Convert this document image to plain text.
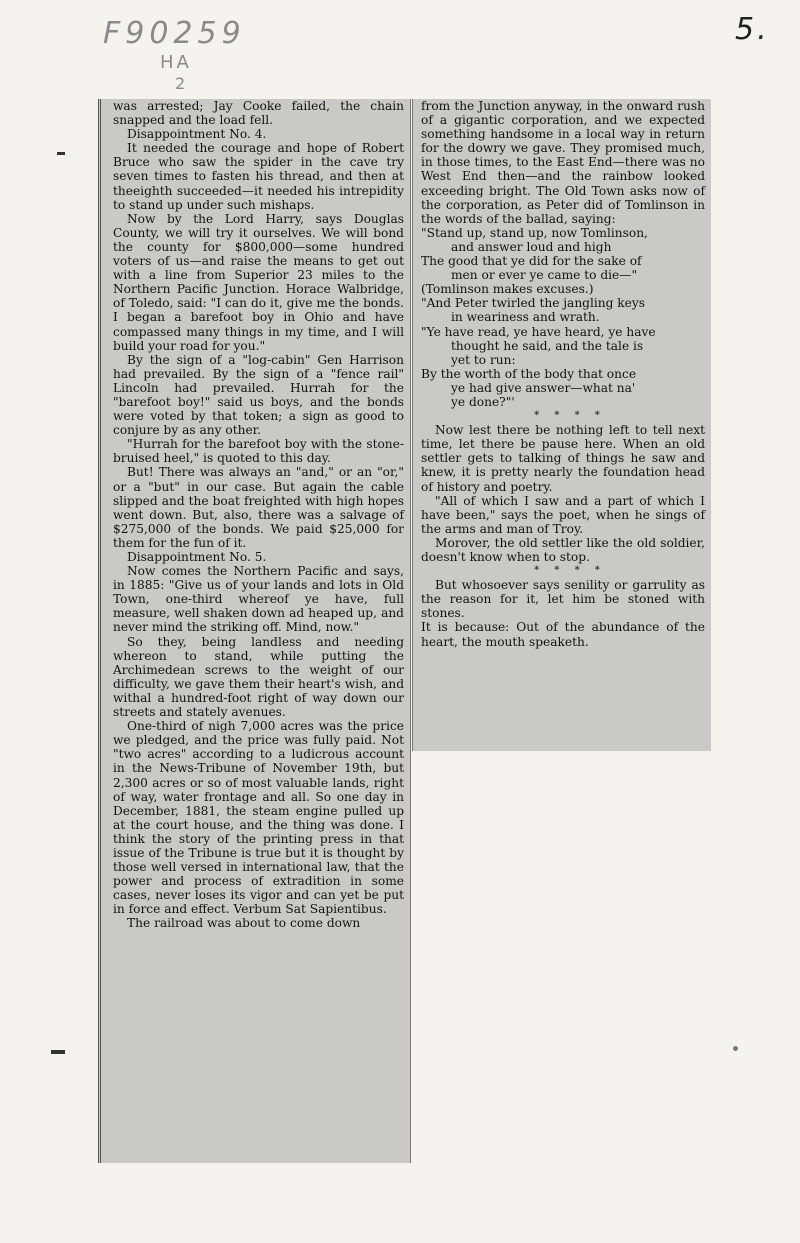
F90259
HA
2
5.

was arrested; Jay Cooke failed, the chain snapped and the load fell.

Disappointment No. 4.

It needed the courage and hope of Robert Bruce who saw the spider in the cave try seven times to fasten his thread, and then at theeighth succeeded—it needed his intrepidity to stand up under such mishaps.

Now by the Lord Harry, says Douglas County, we will try it ourselves. We will bond the county for $800,000—some hundred voters of us—and raise the means to get out with a line from Superior 23 miles to the Northern Pacific Junction. Horace Walbridge, of Toledo, said: "I can do it, give me the bonds. I began a barefoot boy in Ohio and have compassed many things in my time, and I will build your road for you."

By the sign of a "log-cabin" Gen Harrison had prevailed. By the sign of a "fence rail" Lincoln had prevailed. Hurrah for the "barefoot boy!" said us boys, and the bonds were voted by that token; a sign as good to conjure by as any other.

"Hurrah for the barefoot boy with the stone-bruised heel," is quoted to this day.

But! There was always an "and," or an "or," or a "but" in our case. But again the cable slipped and the boat freighted with high hopes went down. But, also, there was a salvage of $275,000 of the bonds. We paid $25,000 for them for the fun of it.

Disappointment No. 5.

Now comes the Northern Pacific and says, in 1885: "Give us of your lands and lots in Old Town, one-third whereof ye have, full measure, well shaken down ad heaped up, and never mind the striking off. Mind, now."

So they, being landless and needing whereon to stand, while putting the Archimedean screws to the weight of our difficulty, we gave them their heart's wish, and withal a hundred-foot right of way down our streets and stately avenues.

One-third of nigh 7,000 acres was the price we pledged, and the price was fully paid. Not "two acres" according to a ludicrous account in the News-Tribune of November 19th, but 2,300 acres or so of most valuable lands, right of way, water frontage and all. So one day in December, 1881, the steam engine pulled up at the court house, and the thing was done. I think the story of the printing press in that issue of the Tribune is true but it is thought by those well versed in international law, that the power and process of extradition in some cases, never loses its vigor and can yet be put in force and effect. Verbum Sat Sapientibus.

The railroad was about to come down

from the Junction anyway, in the onward rush of a gigantic corporation, and we expected something handsome in a local way in return for the dowry we gave. They promised much, in those times, to the East End—there was no West End then—and the rainbow looked exceeding bright. The Old Town asks now of the corporation, as Peter did of Tomlinson in the words of the ballad, saying:

"Stand up, stand up, now Tomlinson,
and answer loud and high
The good that ye did for the sake of
men or ever ye came to die—"
(Tomlinson makes excuses.)
"And Peter twirled the jangling keys
in weariness and wrath.
"Ye have read, ye have heard, ye have
thought he said, and the tale is
yet to run:
By the worth of the body that once
ye had give answer—what na'
ye done?"'

* * * *

Now lest there be nothing left to tell next time, let there be pause here. When an old settler gets to talking of things he saw and knew, it is pretty nearly the foundation head of history and poetry.

"All of which I saw and a part of which I have been," says the poet, when he sings of the arms and man of Troy.

Morover, the old settler like the old soldier, doesn't know when to stop.

* * * *

But whosoever says senility or garrulity as the reason for it, let him be stoned with stones.

It is because: Out of the abundance of the heart, the mouth speaketh.
